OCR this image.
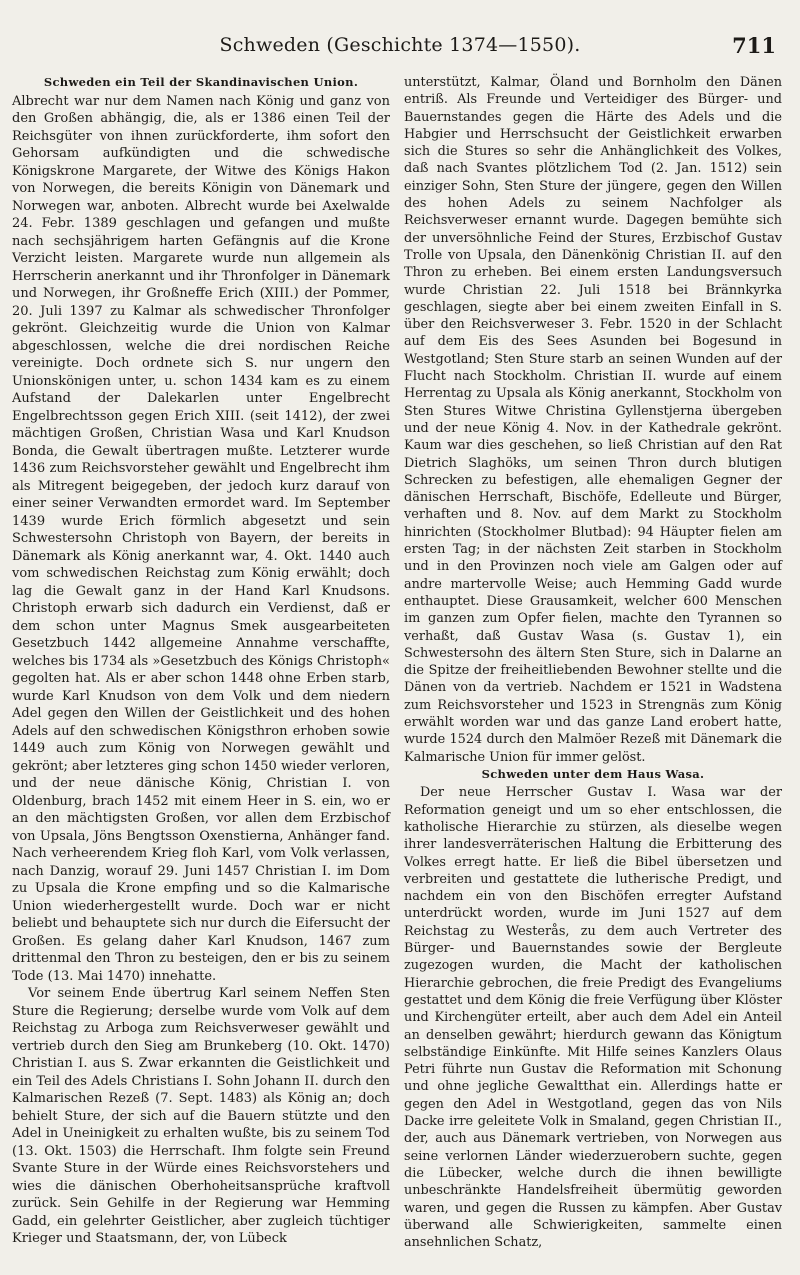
Schweden (Geschichte 1374—1550).	711
Schweden ein Teil der Skandinavischen Union.

Albrecht war nur dem Namen nach König und ganz von den Großen abhängig, die, als er 1386 einen Teil der Reichsgüter von ihnen zurückforderte, ihm sofort den Gehorsam aufkündigten und die schwedische Königskrone Margarete, der Witwe des Königs Hakon von Norwegen, die bereits Königin von Dänemark und Norwegen war, anboten. Albrecht wurde bei Axelwalde 24. Febr. 1389 geschlagen und gefangen und mußte nach sechsjährigem harten Gefängnis auf die Krone Verzicht leisten. Margarete wurde nun allgemein als Herrscherin anerkannt und ihr Thronfolger in Dänemark und Norwegen, ihr Großneffe Erich (XIII.) der Pommer, 20. Juli 1397 zu Kalmar als schwedischer Thronfolger gekrönt. Gleichzeitig wurde die Union von Kalmar abgeschlossen, welche die drei nordischen Reiche vereinigte. Doch ordnete sich S. nur ungern den Unionskönigen unter, u. schon 1434 kam es zu einem Aufstand der Dalekarlen unter Engelbrecht Engelbrechtsson gegen Erich XIII. (seit 1412), der zwei mächtigen Großen, Christian Wasa und Karl Knudson Bonda, die Gewalt übertragen mußte. Letzterer wurde 1436 zum Reichsvorsteher gewählt und Engelbrecht ihm als Mitregent beigegeben, der jedoch kurz darauf von einer seiner Verwandten ermordet ward. Im September 1439 wurde Erich förmlich abgesetzt und sein Schwestersohn Christoph von Bayern, der bereits in Dänemark als König anerkannt war, 4. Okt. 1440 auch vom schwedischen Reichstag zum König erwählt; doch lag die Gewalt ganz in der Hand Karl Knudsons. Christoph erwarb sich dadurch ein Verdienst, daß er dem schon unter Magnus Smek ausgearbeiteten Gesetzbuch 1442 allgemeine Annahme verschaffte, welches bis 1734 als »Gesetzbuch des Königs Christoph« gegolten hat. Als er aber schon 1448 ohne Erben starb, wurde Karl Knudson von dem Volk und dem niedern Adel gegen den Willen der Geistlichkeit und des hohen Adels auf den schwedischen Königsthron erhoben sowie 1449 auch zum König von Norwegen gewählt und gekrönt; aber letzteres ging schon 1450 wieder verloren, und der neue dänische König, Christian I. von Oldenburg, brach 1452 mit einem Heer in S. ein, wo er an den mächtigsten Großen, vor allen dem Erzbischof von Upsala, Jöns Bengtsson Oxenstierna, Anhänger fand. Nach verheerendem Krieg floh Karl, vom Volk verlassen, nach Danzig, worauf 29. Juni 1457 Christian I. im Dom zu Upsala die Krone empfing und so die Kalmarische Union wiederhergestellt wurde. Doch war er nicht beliebt und behauptete sich nur durch die Eifersucht der Großen. Es gelang daher Karl Knudson, 1467 zum drittenmal den Thron zu besteigen, den er bis zu seinem Tode (13. Mai 1470) innehatte.

Vor seinem Ende übertrug Karl seinem Neffen Sten Sture die Regierung; derselbe wurde vom Volk auf dem Reichstag zu Arboga zum Reichsverweser gewählt und vertrieb durch den Sieg am Brunkeberg (10. Okt. 1470) Christian I. aus S. Zwar erkannten die Geistlichkeit und ein Teil des Adels Christians I. Sohn Johann II. durch den Kalmarischen Rezeß (7. Sept. 1483) als König an; doch behielt Sture, der sich auf die Bauern stützte und den Adel in Uneinigkeit zu erhalten wußte, bis zu seinem Tod (13. Okt. 1503) die Herrschaft. Ihm folgte sein Freund Svante Sture in der Würde eines Reichsvorstehers und wies die dänischen Oberhoheitsansprüche kraftvoll zurück. Sein Gehilfe in der Regierung war Hemming Gadd, ein gelehrter Geistlicher, aber zugleich tüchtiger Krieger und Staatsmann, der, von Lübeck

unterstützt, Kalmar, Öland und Bornholm den Dänen entriß. Als Freunde und Verteidiger des Bürger- und Bauernstandes gegen die Härte des Adels und die Habgier und Herrschsucht der Geistlichkeit erwarben sich die Stures so sehr die Anhänglichkeit des Volkes, daß nach Svantes plötzlichem Tod (2. Jan. 1512) sein einziger Sohn, Sten Sture der jüngere, gegen den Willen des hohen Adels zu seinem Nachfolger als Reichsverweser ernannt wurde. Dagegen bemühte sich der unversöhnliche Feind der Stures, Erzbischof Gustav Trolle von Upsala, den Dänenkönig Christian II. auf den Thron zu erheben. Bei einem ersten Landungsversuch wurde Christian 22. Juli 1518 bei Brännkyrka geschlagen, siegte aber bei einem zweiten Einfall in S. über den Reichsverweser 3. Febr. 1520 in der Schlacht auf dem Eis des Sees Asunden bei Bogesund in Westgotland; Sten Sture starb an seinen Wunden auf der Flucht nach Stockholm. Christian II. wurde auf einem Herrentag zu Upsala als König anerkannt, Stockholm von Sten Stures Witwe Christina Gyllenstjerna übergeben und der neue König 4. Nov. in der Kathedrale gekrönt. Kaum war dies geschehen, so ließ Christian auf den Rat Dietrich Slaghöks, um seinen Thron durch blutigen Schrecken zu befestigen, alle ehemaligen Gegner der dänischen Herrschaft, Bischöfe, Edelleute und Bürger, verhaften und 8. Nov. auf dem Markt zu Stockholm hinrichten (Stockholmer Blutbad): 94 Häupter fielen am ersten Tag; in der nächsten Zeit starben in Stockholm und in den Provinzen noch viele am Galgen oder auf andre martervolle Weise; auch Hemming Gadd wurde enthauptet. Diese Grausamkeit, welcher 600 Menschen im ganzen zum Opfer fielen, machte den Tyrannen so verhaßt, daß Gustav Wasa (s. Gustav 1), ein Schwestersohn des ältern Sten Sture, sich in Dalarne an die Spitze der freiheitliebenden Bewohner stellte und die Dänen von da vertrieb. Nachdem er 1521 in Wadstena zum Reichsvorsteher und 1523 in Strengnäs zum König erwählt worden war und das ganze Land erobert hatte, wurde 1524 durch den Malmöer Rezeß mit Dänemark die Kalmarische Union für immer gelöst.

Schweden unter dem Haus Wasa.

Der neue Herrscher Gustav I. Wasa war der Reformation geneigt und um so eher entschlossen, die katholische Hierarchie zu stürzen, als dieselbe wegen ihrer landesverräterischen Haltung die Erbitterung des Volkes erregt hatte. Er ließ die Bibel übersetzen und verbreiten und gestattete die lutherische Predigt, und nachdem ein von den Bischöfen erregter Aufstand unterdrückt worden, wurde im Juni 1527 auf dem Reichstag zu Westerås, zu dem auch Vertreter des Bürger- und Bauernstandes sowie der Bergleute zugezogen wurden, die Macht der katholischen Hierarchie gebrochen, die freie Predigt des Evangeliums gestattet und dem König die freie Verfügung über Klöster und Kirchengüter erteilt, aber auch dem Adel ein Anteil an denselben gewährt; hierdurch gewann das Königtum selbständige Einkünfte. Mit Hilfe seines Kanzlers Olaus Petri führte nun Gustav die Reformation mit Schonung und ohne jegliche Gewaltthat ein. Allerdings hatte er gegen den Adel in Westgotland, gegen das von Nils Dacke irre geleitete Volk in Smaland, gegen Christian II., der, auch aus Dänemark vertrieben, von Norwegen aus seine verlornen Länder wiederzuerobern suchte, gegen die Lübecker, welche durch die ihnen bewilligte unbeschränkte Handelsfreiheit übermütig geworden waren, und gegen die Russen zu kämpfen. Aber Gustav überwand alle Schwierigkeiten, sammelte einen ansehnlichen Schatz,
